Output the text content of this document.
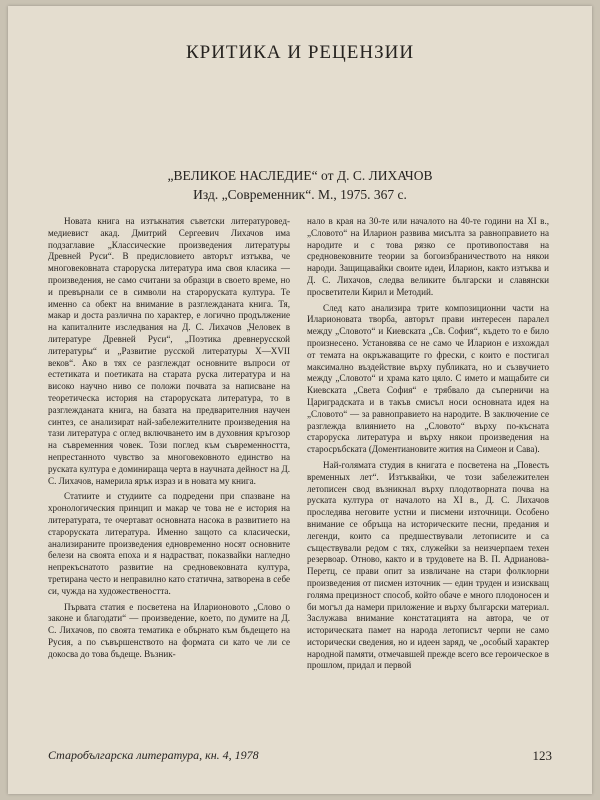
КРИТИКА И РЕЦЕНЗИИ
„ВЕЛИКОЕ НАСЛЕДИЕ“ от Д. С. ЛИХАЧОВ
Изд. „Современник“. М., 1975. 367 с.

Новата книга на изтъкнатия съветски литературовед-медиевист акад. Дмитрий Сергеевич Лихачов има подзаглавие „Классические произведения литературы Древней Руси“. В предисловието авторът изтъква, че многовековната староруска литература има своя класика — произведения, не само считани за образци в своето време, но и превърнали се в символи на староруската култура. Те именно са обект на внимание в разглежданата книга. Тя, макар и доста различна по характер, е логично продължение на капиталните изследвания на Д. С. Лихачов „Человек в литературе Древней Руси“, „Поэтика древнерусской литературы“ и „Развитие русской литературы X—XVII веков“. Ако в тях се разглеждат основните въпроси от естетиката и поетиката на старата руска литература и на високо научно ниво се положи почвата за написване на теоретическа история на староруската литература, то в разглежданата книга, на базата на предварителния научен синтез, се анализират най-забележителните произведения на тази литература с оглед включването им в духовния кръгозор на съвременния човек. Този поглед към съвременността, непрестанното чувство за многовековното единство на руската култура е доминираща черта в научната дейност на Д. С. Лихачов, намерила ярък израз и в новата му книга.

Статиите и студиите са подредени при спазване на хронологическия принцип и макар че това не е история на литературата, те очертават основната насока в развитието на староруската литература. Именно защото са класически, анализираните произведения едновременно носят основните белези на своята епоха и я надрастват, показвайки нагледно непрекъснатото развитие на средновековната култура, третирана често и неправилно като статична, затворена в себе си, чужда на художествеността.

Първата статия е посветена на Иларионовото „Слово о законе и благодати“ — произведение, което, по думите на Д. С. Лихачов, по своята тематика е обърнато към бъдещето на Русия, а по съвършенството на формата си като че ли се докосва до това бъдеще. Възник-

нало в края на 30-те или началото на 40-те години на XI в., „Словото“ на Иларион развива мисълта за равноправието на народите и с това рязко се противопоставя на средновековните теории за богоизбраничеството на някои народи. Защищавайки своите идеи, Иларион, както изтъква и Д. С. Лихачов, следва великите български и славянски просветители Кирил и Методий.

След като анализира трите композиционни части на Иларионовата творба, авторът прави интересен паралел между „Словото“ и Киевската „Св. София“, където то е било произнесено. Установява се не само че Иларион е изхождал от темата на окръжаващите го фрески, с които е постигал максимално въздействие върху публиката, но и съзвучието между „Словото“ и храма като цяло. С името и мащабите си Киевската „Света София“ е трябвало да съперничи на Цариградската и в такъв смисъл носи основната идея на „Словото“ — за равноправието на народите. В заключение се разглежда влиянието на „Словото“ върху по-късната староруска литература и върху някои произведения на старосръбската (Доментиановите жития на Симеон и Сава).

Най-голямата студия в книгата е посветена на „Повесть временных лет“. Изтъквайки, че този забележителен летописен свод възникнал върху плодотворната почва на руската култура от началото на XI в., Д. С. Лихачов проследява неговите устни и писмени източници. Особено внимание се обръща на историческите песни, предания и легенди, които са предшествували летописите и са съществували редом с тях, служейки за неизчерпаем техен резервоар. Отново, както и в трудовете на В. П. Адрианова-Перетц, се прави опит за извличане на стари фолклорни произведения от писмен източник — един труден и изискващ голяма прецизност способ, който обаче е много плодоносен и би могъл да намери приложение и върху български материал. Заслужава внимание констатацията на автора, че от историческата памет на народа летописът черпи не само исторически сведения, но и идеен заряд, че „особый характер народной памяти, отмечавшей прежде всего все героическое в прошлом, придал и первой

Старобългарска литература, кн. 4, 1978	123
